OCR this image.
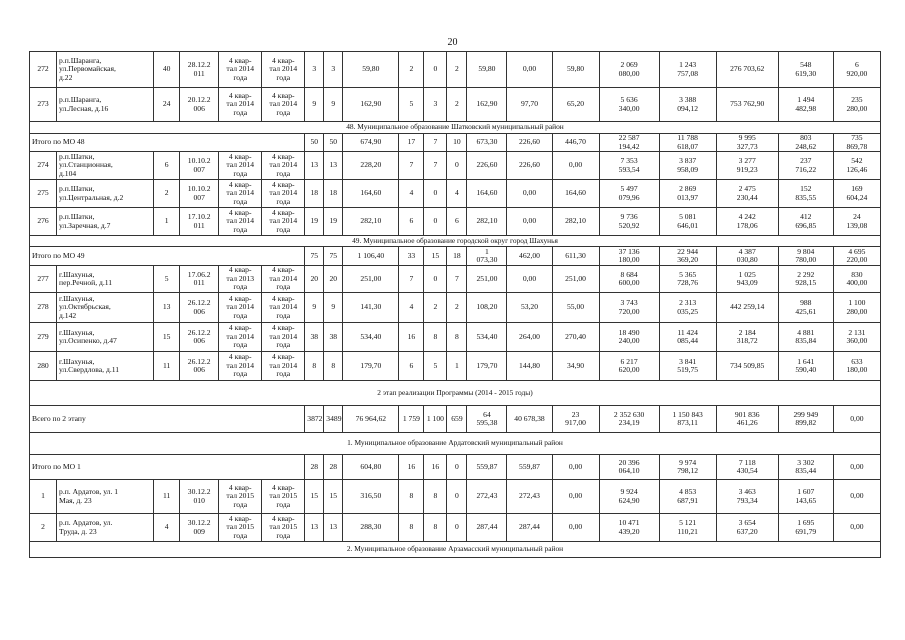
20
272	р.п.Шаранга,
ул.Первомайская,
д.22	40	28.12.2
011	4 квар-
тал 2014
года	4 квар-
тал 2014
года	3	3	59,80	2	0	2	59,80	0,00	59,80	2 069
080,00	1 243
757,08	276 703,62	548
619,30	6
920,00

273	р.п.Шаранга,
ул.Лесная, д.16	24	20.12.2
006	4 квар-
тал 2014
года	4 квар-
тал 2014
года	9	9	162,90	5	3	2	162,90	97,70	65,20	5 636
340,00	3 388
094,12	753 762,90	1 494
482,98	235
280,00

48. Муниципальное образование Шатковский муниципальный район																			
Итого по МО 48						50	50	674,90	17	7	10	673,30	226,60	446,70	22 587
194,42	11 788
618,07	9 995
327,73	803
248,62	735
869,78

274	р.п.Шатки,
ул.Станционная,
д.104	6	10.10.2
007	4 квар-
тал 2014
года	4 квар-
тал 2014
года	13	13	228,20	7	7	0	226,60	226,60	0,00	7 353
593,54	3 837
958,09	3 277
919,23	237
716,22	542
126,46

275	р.п.Шатки,
ул.Центральная, д.2	2	10.10.2
007	4 квар-
тал 2014
года	4 квар-
тал 2014
года	18	18	164,60	4	0	4	164,60	0,00	164,60	5 497
079,96	2 869
013,97	2 475
230,44	152
835,55	169
604,24

276	р.п.Шатки,
ул.Заречная, д.7	1	17.10.2
011	4 квар-
тал 2014
года	4 квар-
тал 2014
года	19	19	282,10	6	0	6	282,10	0,00	282,10	9 736
520,92	5 081
646,01	4 242
178,06	412
696,85	24
139,08

49. Муниципальное образование городской округ город Шахунья																			
Итого по МО 49						75	75	1 106,40	33	15	18	1
073,30	462,00	611,30	37 136
180,00	22 944
369,20	4 387
030,80	9 804
780,00	4 695
220,00

277	г.Шахунья,
пер.Речной, д.11	5	17.06.2
011	4 квар-
тал 2013
года	4 квар-
тал 2014
года	20	20	251,00	7	0	7	251,00	0,00	251,00	8 684
600,00	5 365
728,76	1 025
943,09	2 292
928,15	830
400,00

278	г.Шахунья,
ул.Октябрьская,
д.142	13	26.12.2
006	4 квар-
тал 2014
года	4 квар-
тал 2014
года	9	9	141,30	4	2	2	108,20	53,20	55,00	3 743
720,00	2 313
035,25	442 259,14	988
425,61	1 100
280,00

279	г.Шахунья,
ул.Осипенко, д.47	15	26.12.2
006	4 квар-
тал 2014
года	4 квар-
тал 2014
года	38	38	534,40	16	8	8	534,40	264,00	270,40	18 490
240,00	11 424
085,44	2 184
318,72	4 881
835,84	2 131
360,00

280	г.Шахунья,
ул.Свердлова, д.11	11	26.12.2
006	4 квар-
тал 2014
года	4 квар-
тал 2014
года	8	8	179,70	6	5	1	179,70	144,80	34,90	6 217
620,00	3 841
519,75	734 509,85	1 641
590,40	633
180,00

2 этап реализации Программы (2014 - 2015 годы)																			
Всего по 2 этапу						3872	3489	76 964,62	1 759	1 100	659	64
595,38	40 678,38	23
917,00	2 352 630
234,19	1 150 843
873,11	901 836
461,26	299 949
899,82	0,00
1. Муниципальное образование Ардатовский муниципальный район																			
Итого по МО 1						28	28	604,80	16	16	0	559,87	559,87	0,00	20 396
064,10	9 974
798,12	7 118
430,54	3 302
835,44	0,00
1	р.п. Ардатов, ул. 1
Мая, д. 23	11	30.12.2
010	4 квар-
тал 2015
года	4 квар-
тал 2015
года	15	15	316,50	8	8	0	272,43	272,43	0,00	9 924
624,90	4 853
687,91	3 463
793,34	1 607
143,65	0,00
2	р.п. Ардатов, ул.
Труда, д. 23	4	30.12.2
009	4 квар-
тал 2015
года	4 квар-
тал 2015
года	13	13	288,30	8	8	0	287,44	287,44	0,00	10 471
439,20	5 121
110,21	3 654
637,20	1 695
691,79	0,00
2. Муниципальное образование Арзамасский муниципальный район																			
